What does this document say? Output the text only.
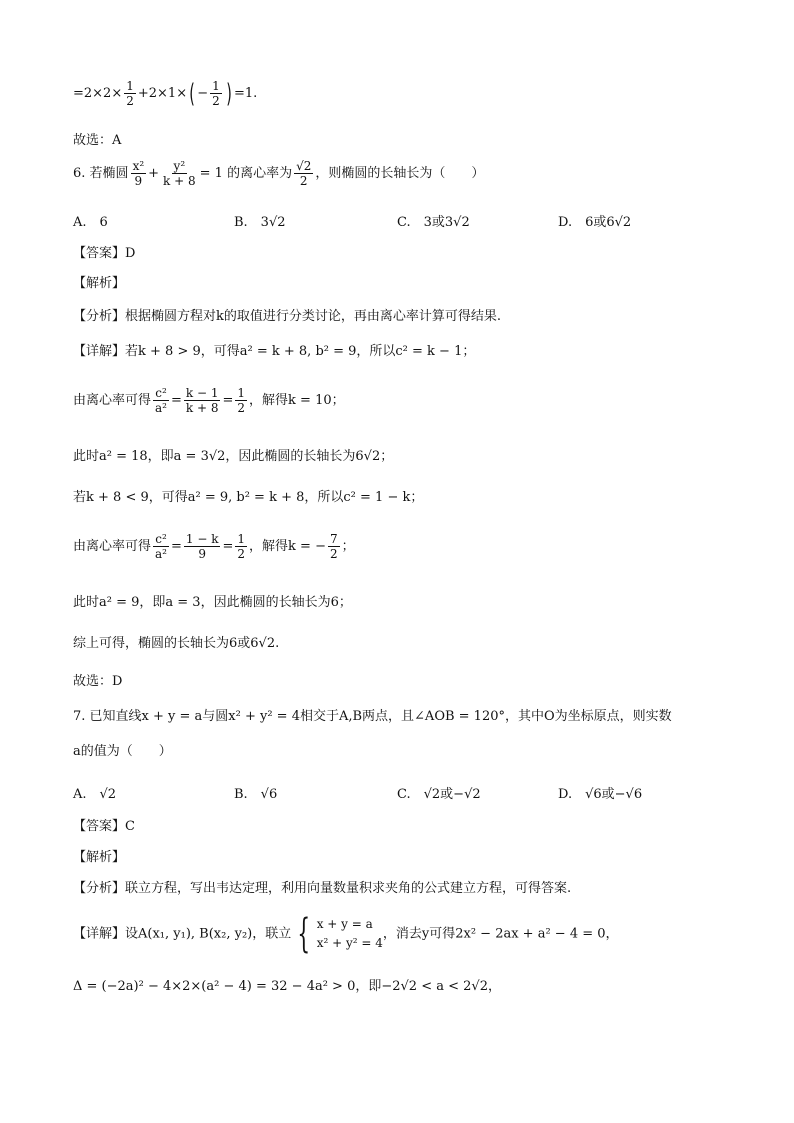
$=2\times 2\times \frac{1}{2} +2\times 1\times( - \frac{1}{2}$ ) =1.
故选：A
6. 若椭圆 $\frac{\text{x²}}{9} + \frac{\text{y²}}{k + 8} = 1$ 的离心率为 $\frac{√2}{2}$ ，则椭圆的长轴长为（　　）
A.　6	B.　3√2	C.　3或3√2	D.　6或6√2
【答案】D
【解析】
【分析】根据椭圆方程对k的取值进行分类讨论，再由离心率计算可得结果.
【详解】若k + 8 > 9，可得a² = k + 8, b² = 9，所以c² = k − 1；
由离心率可得 $\frac{\text{c²}}{\text{a²}} = \frac{k - 1}{k + 8} = \frac{1}{2}$ ，解得k = 10；
此时a² = 18，即a = 3√2，因此椭圆的长轴长为6√2；
若k + 8 < 9，可得a² = 9, b² = k + 8，所以c² = 1 − k；
由离心率可得 $\frac{\text{c²}}{\text{a²}} = \frac{1 - k}{9} = \frac{1}{2}$ ，解得k = − $\frac{7}{2}$ ；
此时a² = 9，即a = 3，因此椭圆的长轴长为6；
综上可得，椭圆的长轴长为6或6√2.
故选：D
7. 已知直线x + y = a与圆x² + y² = 4相交于A,B两点，且∠AOB = 120°，其中O为坐标原点，则实数
a的值为（　　）
A.　√2	B.　√6	C.　√2或−√2	D.　√6或−√6
【答案】C
【解析】
【分析】联立方程，写出韦达定理，利用向量数量积求夹角的公式建立方程，可得答案.
【详解】设A(x₁, y₁), B(x₂, y₂)，联立 { x + y = a
x² + y² = 4
，消去y可得2x² − 2ax + a² − 4 = 0，
Δ = (−2a)² − 4×2×(a² − 4) = 32 − 4a² > 0，即−2√2 < a < 2√2，
